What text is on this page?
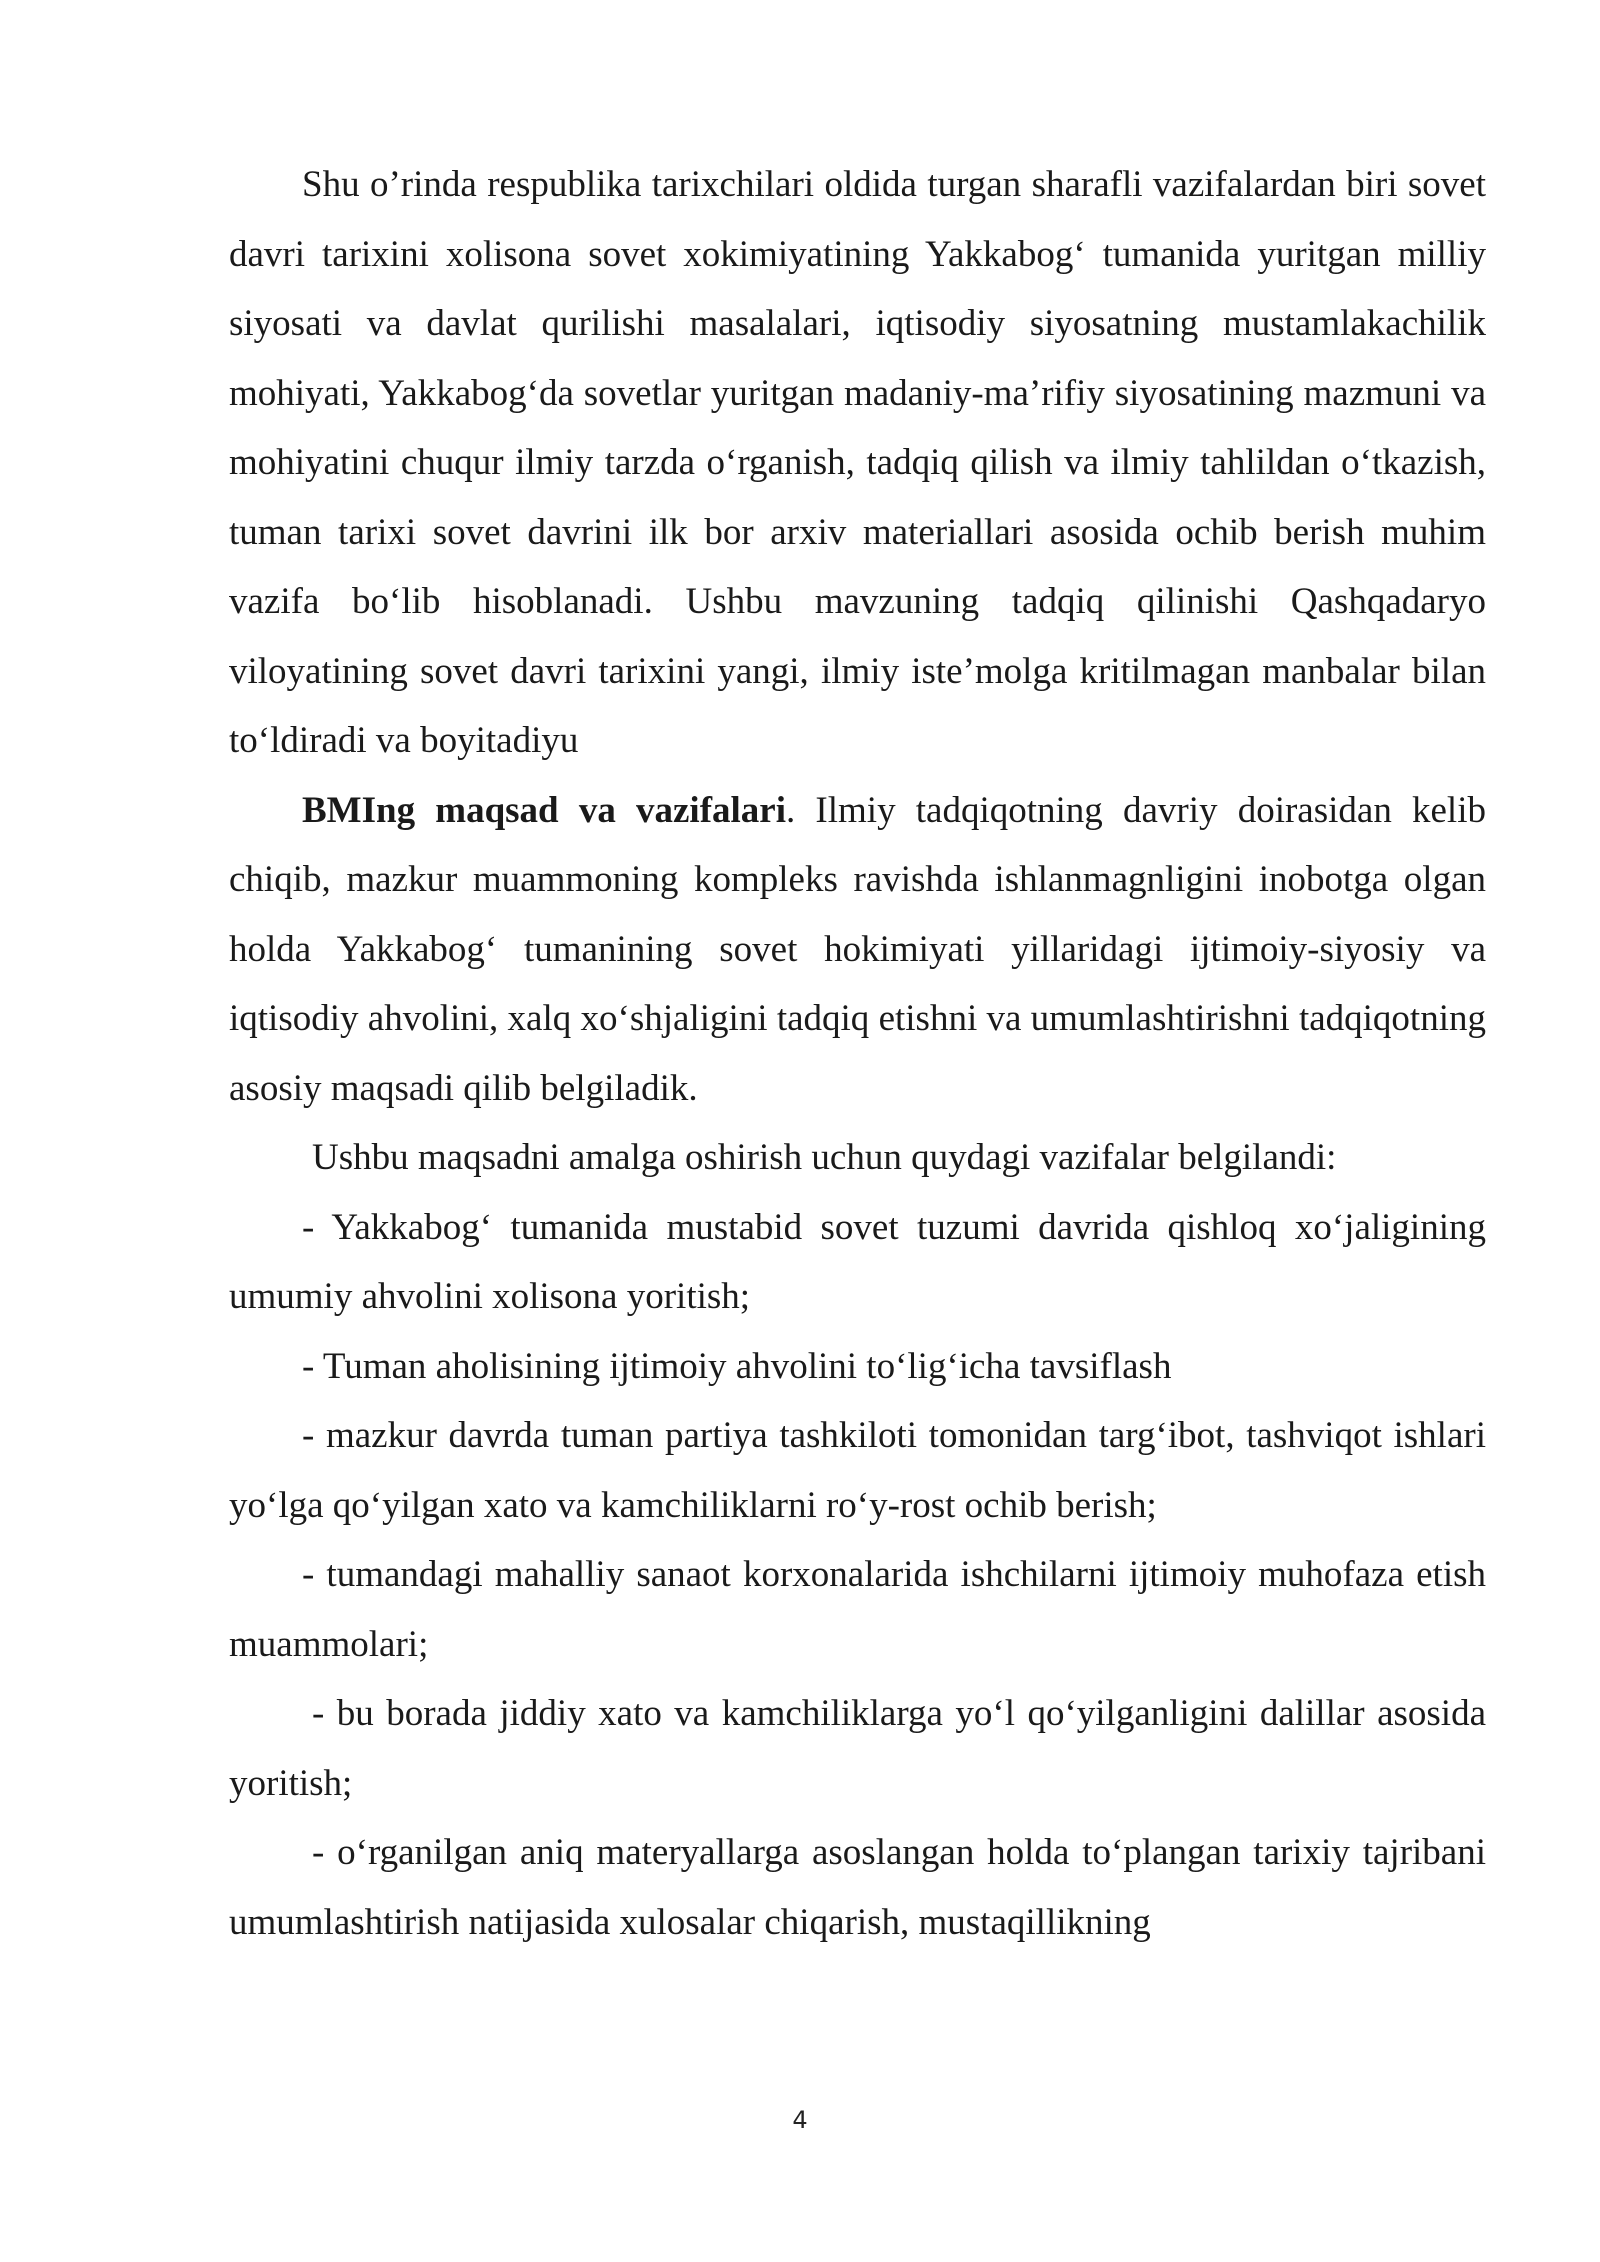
Shu o’rinda respublika tarixchilari oldida turgan sharafli vazifalardan biri sovet davri tarixini xolisona sovet xokimiyatining Yakkabog‘ tumanida yuritgan milliy siyosati va davlat qurilishi masalalari, iqtisodiy siyosatning mustamlakachilik mohiyati, Yakkabog‘da sovetlar yuritgan madaniy-ma’rifiy siyosatining mazmuni va mohiyatini chuqur ilmiy tarzda o‘rganish, tadqiq qilish va ilmiy tahlildan o‘tkazish, tuman tarixi sovet davrini ilk bor arxiv materiallari asosida ochib berish muhim vazifa bo‘lib hisoblanadi. Ushbu mavzuning tadqiq qilinishi Qashqadaryo viloyatining sovet davri tarixini yangi, ilmiy iste’molga kritilmagan manbalar bilan to‘ldiradi va boyitadiyu

BMIng maqsad va vazifalari. Ilmiy tadqiqotning davriy doirasidan kelib chiqib, mazkur muammoning kompleks ravishda ishlanmagnligini inobotga olgan holda Yakkabog‘ tumanining sovet hokimiyati yillaridagi ijtimoiy-siyosiy va iqtisodiy ahvolini, xalq xo‘shjaligini tadqiq etishni va umumlashtirishni tadqiqotning asosiy maqsadi qilib belgiladik.

Ushbu maqsadni amalga oshirish uchun quydagi vazifalar belgilandi:

- Yakkabog‘ tumanida mustabid sovet tuzumi davrida qishloq xo‘jaligining umumiy ahvolini xolisona yoritish;

- Tuman aholisining ijtimoiy ahvolini to‘lig‘icha tavsiflash

- mazkur davrda tuman partiya tashkiloti tomonidan targ‘ibot, tashviqot ishlari yo‘lga qo‘yilgan xato va kamchiliklarni ro‘y-rost ochib berish;

- tumandagi mahalliy sanaot korxonalarida ishchilarni ijtimoiy muhofaza etish muammolari;

- bu borada jiddiy xato va kamchiliklarga yo‘l qo‘yilganligini dalillar asosida yoritish;

- o‘rganilgan aniq materyallarga asoslangan holda to‘plangan tarixiy tajribani umumlashtirish natijasida xulosalar chiqarish, mustaqillikning

4
